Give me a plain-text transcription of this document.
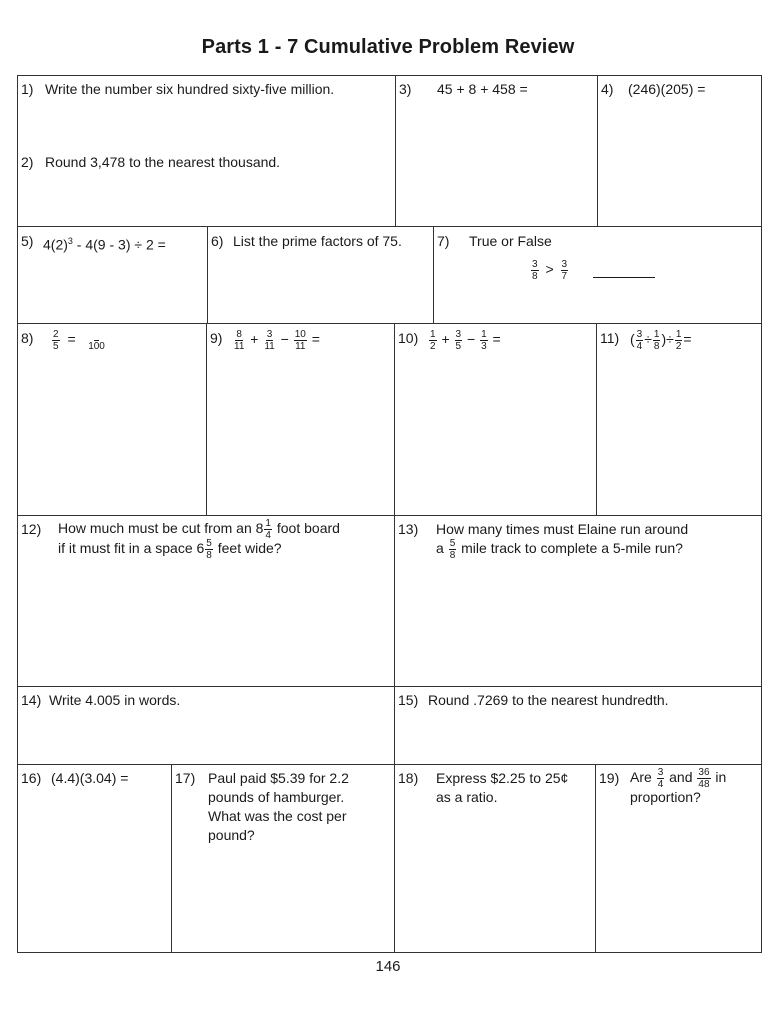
Parts 1 - 7 Cumulative Problem Review
1) Write the number six hundred sixty-five million.
2) Round 3,478 to the nearest thousand.
3) 45 + 8 + 458 =	4) (246)(205) =
5) $4(2)^3 - 4(9 - 3) \div 2$ =	6) List the prime factors of 75.	7) True or False
$\frac{3}{8} > \frac{3}{7}$

$8) \frac{2}{5}$ =
100
$9) \frac{8}{11} + \frac{3}{11} - \frac{10}{11}$ =	$10) \frac{1}{2} + \frac{3}{5} - \frac{1}{3}$ =	11) ( $\frac{3}{4} \div \frac{1}{8}$ )÷ $\frac{1}{2}$ =
12) How much must be cut from an $8 \frac{1}{4}$ foot board
if it must fit in a space $6 \frac{5}{8}$ feet wide?
13) How many times must Elaine run around
a $\frac{5}{8}$ mile track to complete a 5-mile run?
14) Write 4.005 in words.	15) Round .7269 to the nearest hundredth.
16) (4.4)(3.04) =	17) Paul paid $5.39 for 2.2
pounds of hamburger.
What was the cost per
pound?
18) Express $2.25 to 25¢
as a ratio.
19) Are $\frac{3}{4}$ and $\frac{36}{48}$ in
proportion?
146
